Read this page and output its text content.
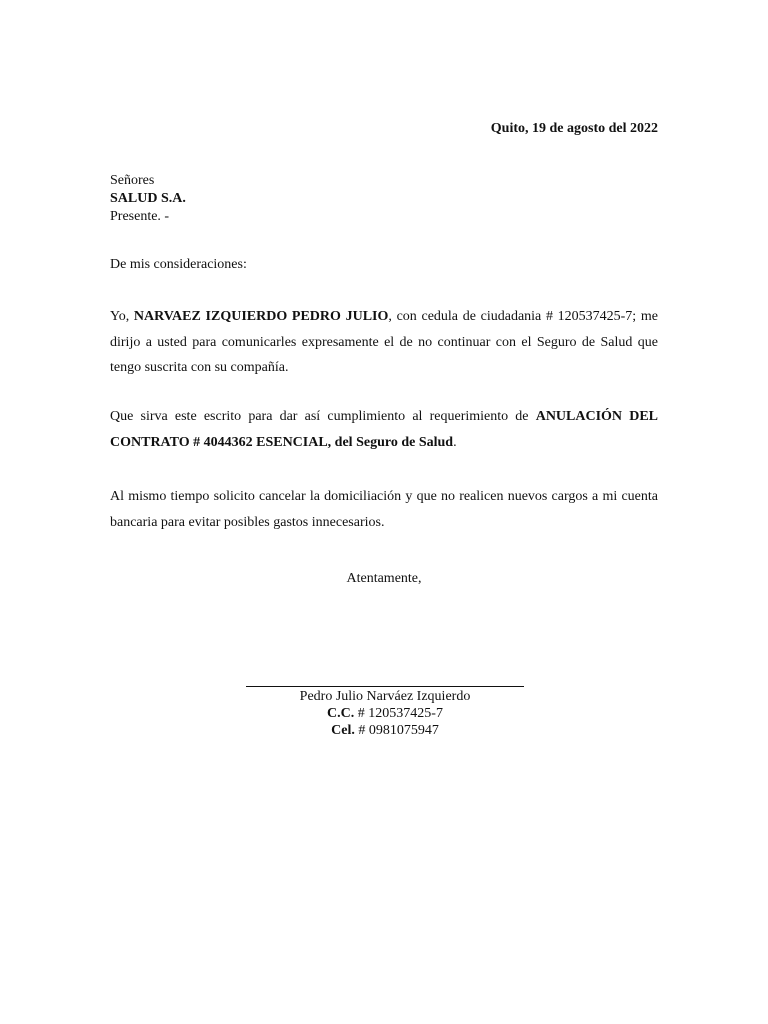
Quito, 19 de agosto del 2022
Señores
SALUD S.A.
Presente. -
De mis consideraciones:
Yo, NARVAEZ IZQUIERDO PEDRO JULIO, con cedula de ciudadania # 120537425-7; me dirijo a usted para comunicarles expresamente el de no continuar con el Seguro de Salud que tengo suscrita con su compañía.
Que sirva este escrito para dar así cumplimiento al requerimiento de ANULACIÓN DEL CONTRATO # 4044362 ESENCIAL, del Seguro de Salud.
Al mismo tiempo solicito cancelar la domiciliación y que no realicen nuevos cargos a mi cuenta bancaria para evitar posibles gastos innecesarios.
Atentamente,
Pedro Julio Narváez Izquierdo
C.C. # 120537425-7
Cel. # 0981075947
